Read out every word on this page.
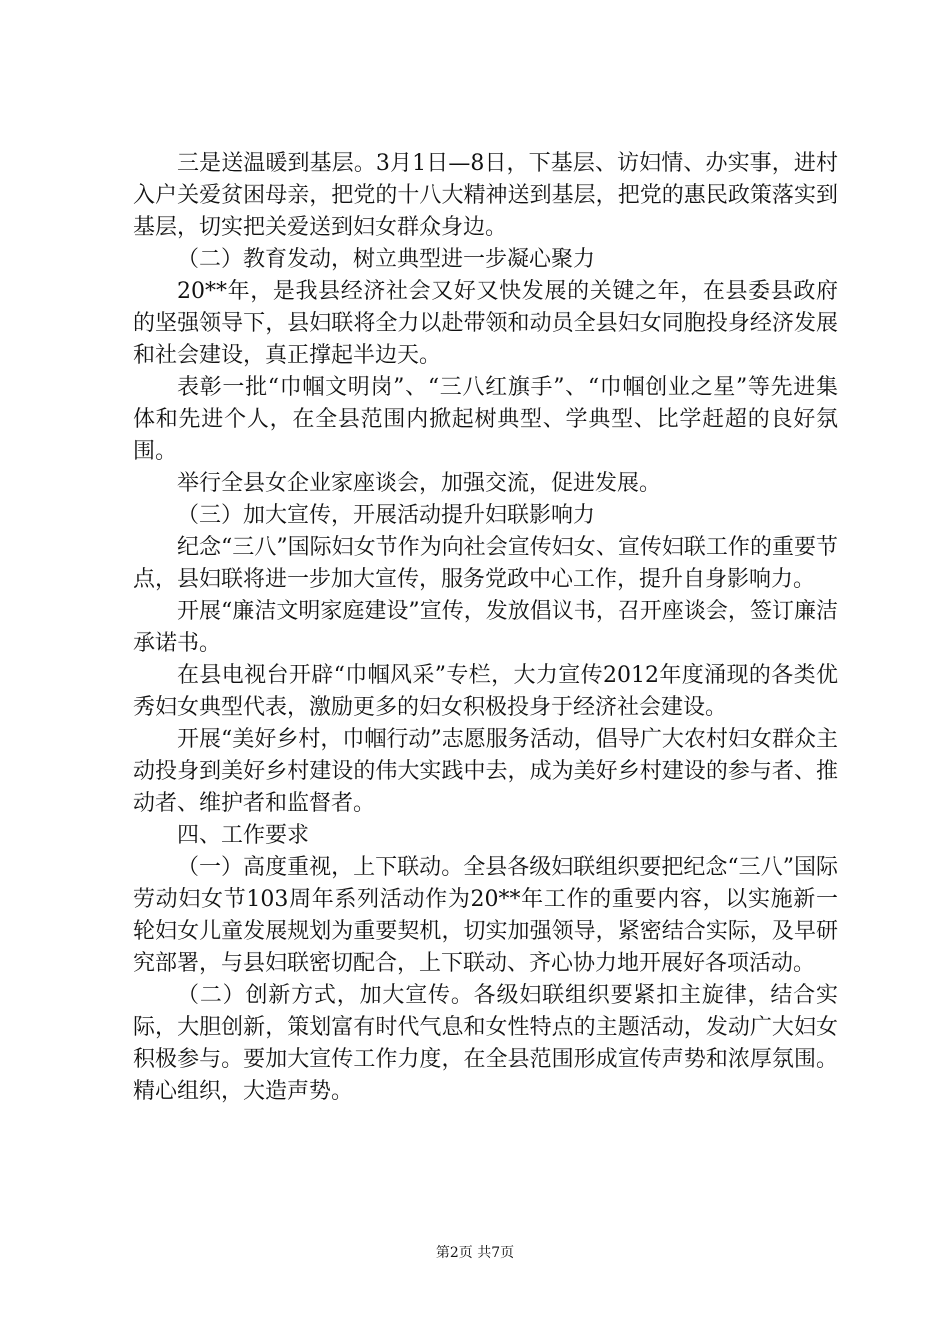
三是送温暖到基层。3月1日—8日，下基层、访妇情、办实事，进村入户关爱贫困母亲，把党的十八大精神送到基层，把党的惠民政策落实到基层，切实把关爱送到妇女群众身边。

（二）教育发动，树立典型进一步凝心聚力

20**年，是我县经济社会又好又快发展的关键之年，在县委县政府的坚强领导下，县妇联将全力以赴带领和动员全县妇女同胞投身经济发展和社会建设，真正撑起半边天。

表彰一批“巾帼文明岗”、“三八红旗手”、“巾帼创业之星”等先进集体和先进个人，在全县范围内掀起树典型、学典型、比学赶超的良好氛围。

举行全县女企业家座谈会，加强交流，促进发展。

（三）加大宣传，开展活动提升妇联影响力

纪念“三八”国际妇女节作为向社会宣传妇女、宣传妇联工作的重要节点，县妇联将进一步加大宣传，服务党政中心工作，提升自身影响力。

开展“廉洁文明家庭建设”宣传，发放倡议书，召开座谈会，签订廉洁承诺书。

在县电视台开辟“巾帼风采”专栏，大力宣传2012年度涌现的各类优秀妇女典型代表，激励更多的妇女积极投身于经济社会建设。

开展“美好乡村，巾帼行动”志愿服务活动，倡导广大农村妇女群众主动投身到美好乡村建设的伟大实践中去，成为美好乡村建设的参与者、推动者、维护者和监督者。

四、工作要求

（一）高度重视，上下联动。全县各级妇联组织要把纪念“三八”国际劳动妇女节103周年系列活动作为20**年工作的重要内容，以实施新一轮妇女儿童发展规划为重要契机，切实加强领导，紧密结合实际，及早研究部署，与县妇联密切配合，上下联动、齐心协力地开展好各项活动。

（二）创新方式，加大宣传。各级妇联组织要紧扣主旋律，结合实际，大胆创新，策划富有时代气息和女性特点的主题活动，发动广大妇女积极参与。要加大宣传工作力度，在全县范围形成宣传声势和浓厚氛围。精心组织，大造声势。

第2页 共7页
